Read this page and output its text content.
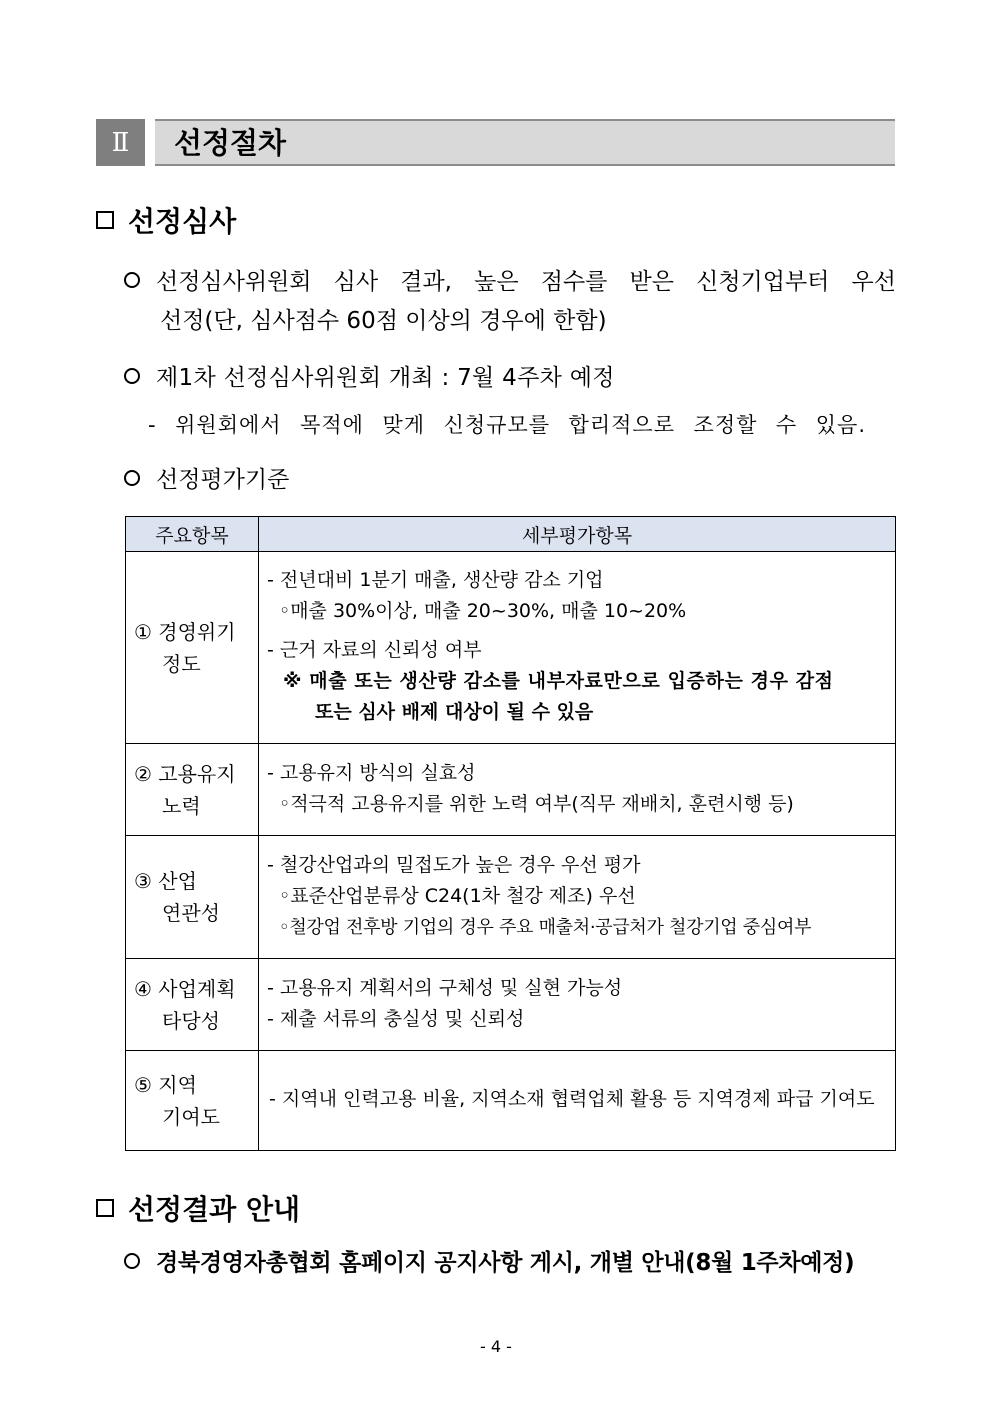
Ⅱ	선정절차
선정심사
선정심사위원회 심사 결과, 높은 점수를 받은 신청기업부터 우선
선정(단, 심사점수 60점 이상의 경우에 한함)
제1차 선정심사위원회 개최 : 7월 4주차 예정
- 위원회에서 목적에 맞게 신청규모를 합리적으로 조정할 수 있음.
선정평가기준
주요항목	세부평가항목
① 경영위기
정도	- 전년대비 1분기 매출, 생산량 감소 기업
◦매출 30%이상, 매출 20~30%, 매출 10~20%
- 근거 자료의 신뢰성 여부
※ 매출 또는 생산량 감소를 내부자료만으로 입증하는 경우 감점
또는 심사 배제 대상이 될 수 있음

② 고용유지
노력	- 고용유지 방식의 실효성
◦적극적 고용유지를 위한 노력 여부(직무 재배치, 훈련시행 등)

③ 산업
연관성	- 철강산업과의 밀접도가 높은 경우 우선 평가
◦표준산업분류상 C24(1차 철강 제조) 우선
◦철강업 전후방 기업의 경우 주요 매출처·공급처가 철강기업 중심여부

④ 사업계획
타당성	- 고용유지 계획서의 구체성 및 실현 가능성
- 제출 서류의 충실성 및 신뢰성

⑤ 지역
기여도	- 지역내 인력고용 비율, 지역소재 협력업체 활용 등 지역경제 파급 기여도
선정결과 안내
경북경영자총협회 홈페이지 공지사항 게시, 개별 안내(8월 1주차예정)
- 4 -
